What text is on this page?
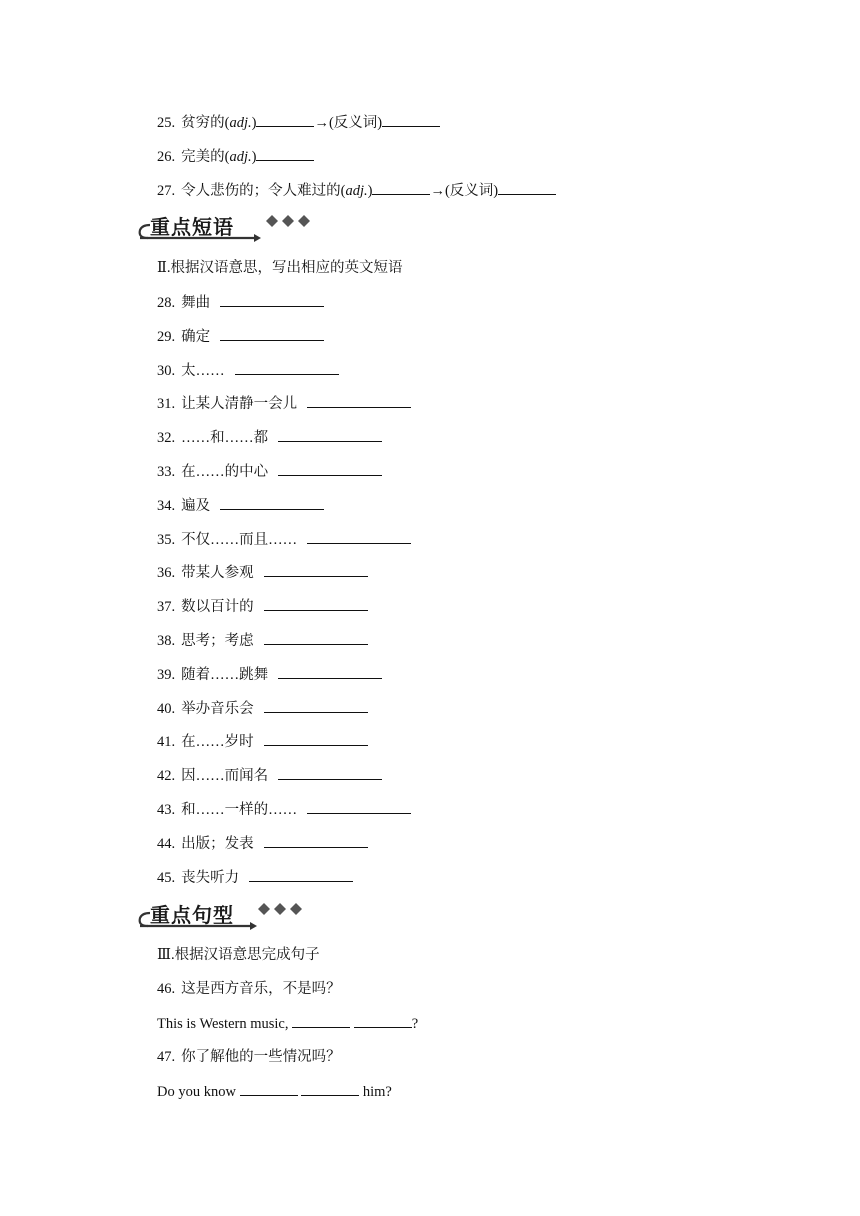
25. 贫穷的(adj.)	→(反义词)
26. 完美的(adj.)
27. 令人悲伤的；令人难过的(adj.)	→(反义词)
重点短语
Ⅱ.根据汉语意思，写出相应的英文短语
28. 舞曲
29. 确定
30. 太……
31. 让某人清静一会儿
32. ……和……都
33. 在……的中心
34. 遍及
35. 不仅……而且……
36. 带某人参观
37. 数以百计的
38. 思考；考虑
39. 随着……跳舞
40. 举办音乐会
41. 在……岁时
42. 因……而闻名
43. 和……一样的……
44. 出版；发表
45. 丧失听力
重点句型
Ⅲ.根据汉语意思完成句子
46. 这是西方音乐，不是吗？
This is Western music,	?
47. 你了解他的一些情况吗？
Do you know	him?
